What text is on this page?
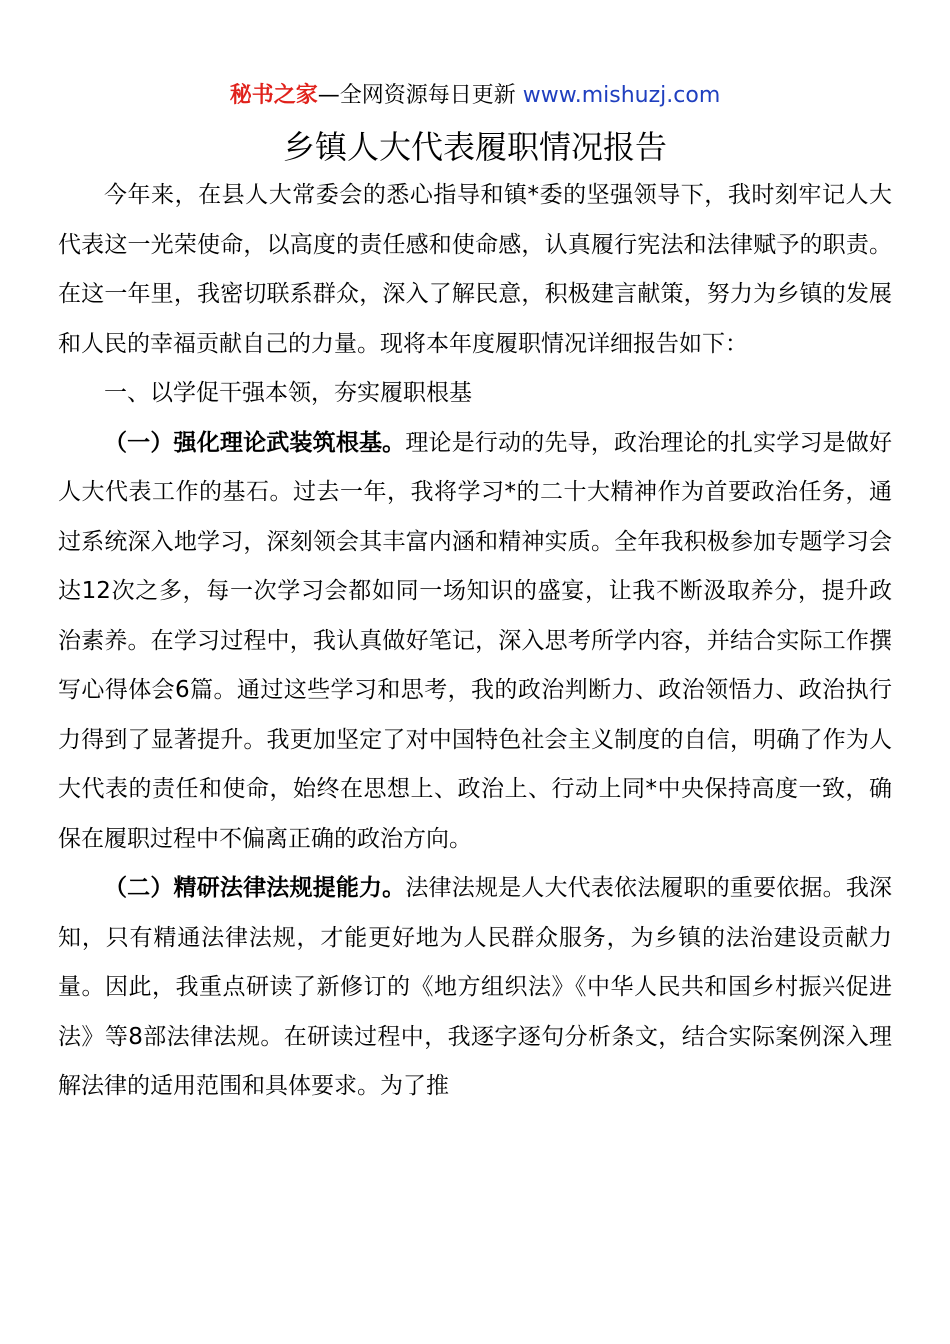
秘书之家—全网资源每日更新 www.mishuzj.com
乡镇人大代表履职情况报告

今年来，在县人大常委会的悉心指导和镇*委的坚强领导下，我时刻牢记人大代表这一光荣使命，以高度的责任感和使命感，认真履行宪法和法律赋予的职责。在这一年里，我密切联系群众，深入了解民意，积极建言献策，努力为乡镇的发展和人民的幸福贡献自己的力量。现将本年度履职情况详细报告如下：

一、以学促干强本领，夯实履职根基

（一）强化理论武装筑根基。理论是行动的先导，政治理论的扎实学习是做好人大代表工作的基石。过去一年，我将学习*的二十大精神作为首要政治任务，通过系统深入地学习，深刻领会其丰富内涵和精神实质。全年我积极参加专题学习会达12次之多，每一次学习会都如同一场知识的盛宴，让我不断汲取养分，提升政治素养。在学习过程中，我认真做好笔记，深入思考所学内容，并结合实际工作撰写心得体会6篇。通过这些学习和思考，我的政治判断力、政治领悟力、政治执行力得到了显著提升。我更加坚定了对中国特色社会主义制度的自信，明确了作为人大代表的责任和使命，始终在思想上、政治上、行动上同*中央保持高度一致，确保在履职过程中不偏离正确的政治方向。

（二）精研法律法规提能力。法律法规是人大代表依法履职的重要依据。我深知，只有精通法律法规，才能更好地为人民群众服务，为乡镇的法治建设贡献力量。因此，我重点研读了新修订的《地方组织法》《中华人民共和国乡村振兴促进法》等8部法律法规。在研读过程中，我逐字逐句分析条文，结合实际案例深入理解法律的适用范围和具体要求。为了推
